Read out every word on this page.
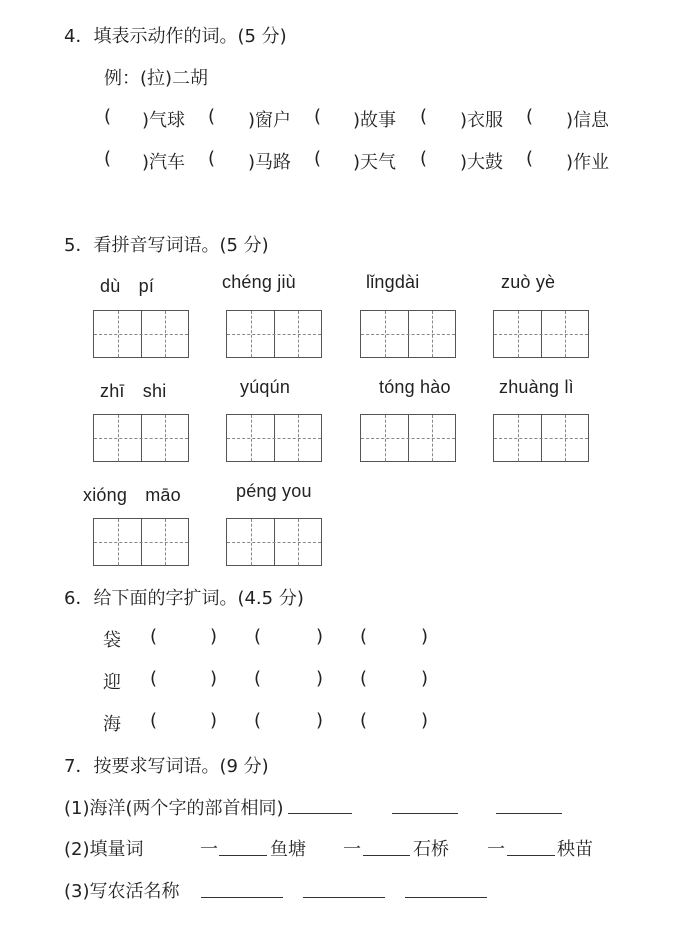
4．填表示动作的词。(5 分)
例：(拉)二胡
( )气球 ( )窗户 ( )故事 ( )衣服 ( )信息
( )汽车 ( )马路 ( )天气 ( )大鼓 ( )作业
5．看拼音写词语。(5 分)
dù　pí	chéng jiù	lǐngdài	zuò yè
zhī　shi	yúqún	tóng hào	zhuàng lì
xióng　māo	péng you
6．给下面的字扩词。(4.5 分)
袋 (	) (	) (	)
迎 (	) (	) (	)
海 (	) (	) (	)
7．按要求写词语。(9 分)
(1)海洋(两个字的部首相同)
(2)填量词	一	鱼塘 一	石桥 一	秧苗
(3)写农活名称
